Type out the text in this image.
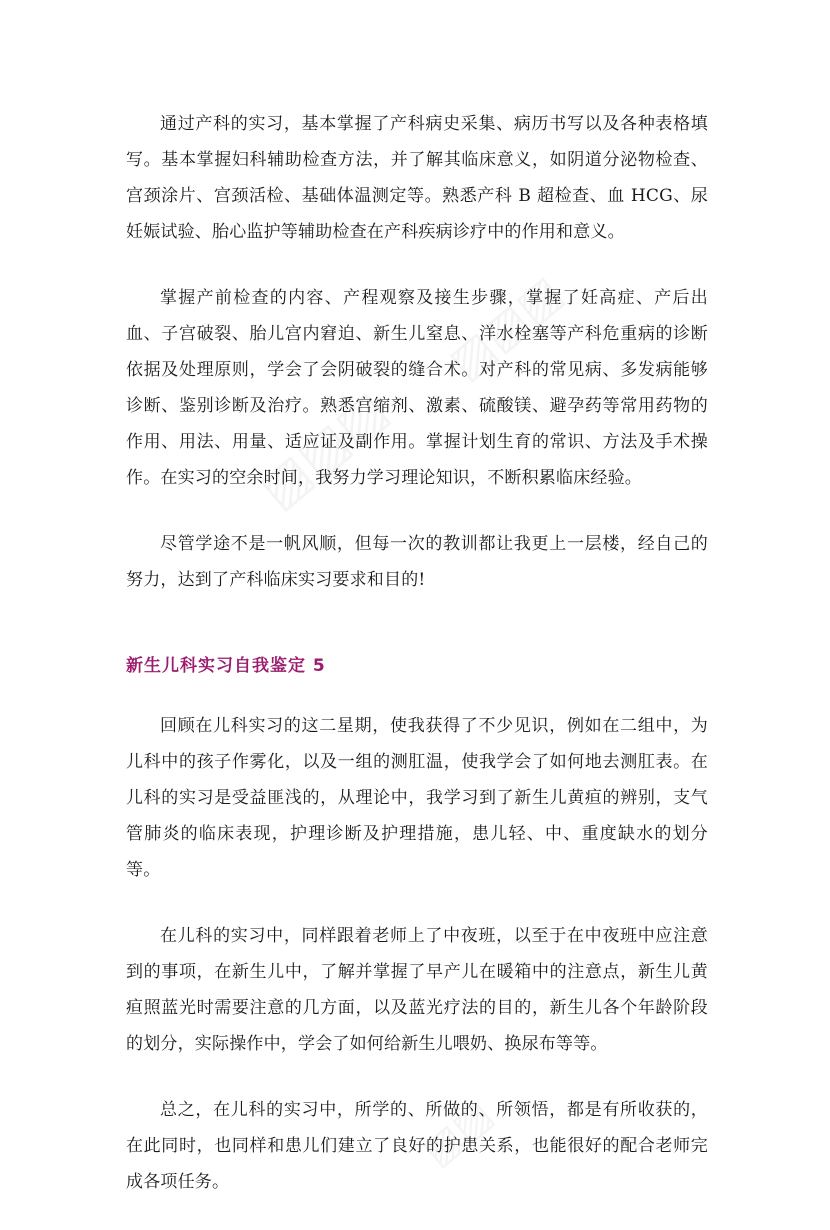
通过产科的实习，基本掌握了产科病史采集、病历书写以及各种表格填写。基本掌握妇科辅助检查方法，并了解其临床意义，如阴道分泌物检查、宫颈涂片、宫颈活检、基础体温测定等。熟悉产科 B 超检查、血 HCG、尿妊娠试验、胎心监护等辅助检查在产科疾病诊疗中的作用和意义。

掌握产前检查的内容、产程观察及接生步骤，掌握了妊高症、产后出血、子宫破裂、胎儿宫内窘迫、新生儿窒息、洋水栓塞等产科危重病的诊断依据及处理原则，学会了会阴破裂的缝合术。对产科的常见病、多发病能够诊断、鉴别诊断及治疗。熟悉宫缩剂、激素、硫酸镁、避孕药等常用药物的作用、用法、用量、适应证及副作用。掌握计划生育的常识、方法及手术操作。在实习的空余时间，我努力学习理论知识，不断积累临床经验。

尽管学途不是一帆风顺，但每一次的教训都让我更上一层楼，经自己的努力，达到了产科临床实习要求和目的!

新生儿科实习自我鉴定 5

回顾在儿科实习的这二星期，使我获得了不少见识，例如在二组中，为儿科中的孩子作雾化，以及一组的测肛温，使我学会了如何地去测肛表。在儿科的实习是受益匪浅的，从理论中，我学习到了新生儿黄疸的辨别，支气管肺炎的临床表现，护理诊断及护理措施，患儿轻、中、重度缺水的划分等。

在儿科的实习中，同样跟着老师上了中夜班，以至于在中夜班中应注意到的事项，在新生儿中，了解并掌握了早产儿在暖箱中的注意点，新生儿黄疸照蓝光时需要注意的几方面，以及蓝光疗法的目的，新生儿各个年龄阶段的划分，实际操作中，学会了如何给新生儿喂奶、换尿布等等。

总之，在儿科的实习中，所学的、所做的、所领悟，都是有所收获的，在此同时，也同样和患儿们建立了良好的护患关系，也能很好的配合老师完成各项任务。
